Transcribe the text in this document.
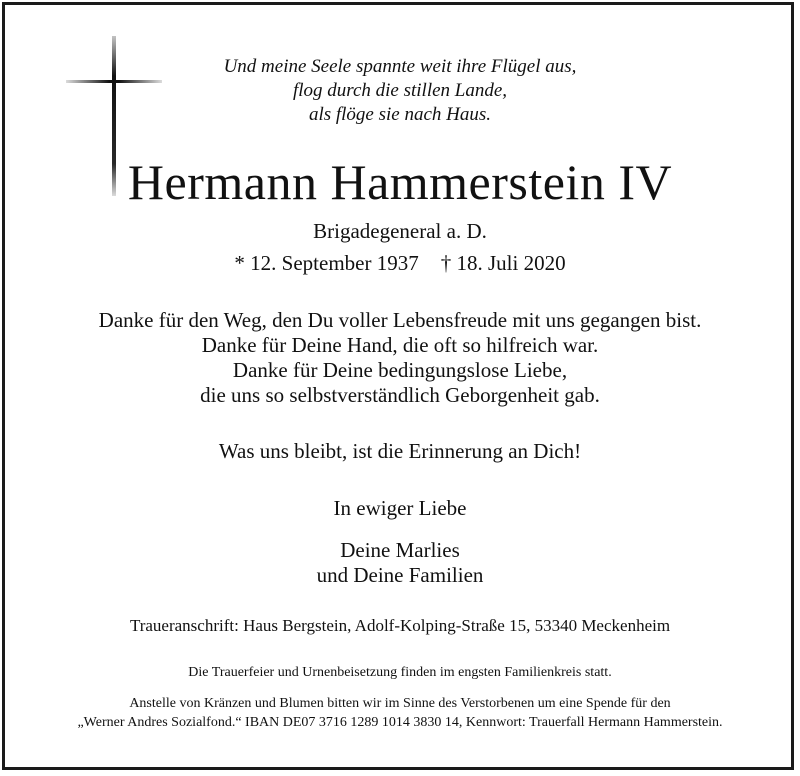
Und meine Seele spannte weit ihre Flügel aus,
flog durch die stillen Lande,
als flöge sie nach Haus.
Hermann Hammerstein IV
Brigadegeneral a. D.
* 12. September 1937 † 18. Juli 2020
Danke für den Weg, den Du voller Lebensfreude mit uns gegangen bist.
Danke für Deine Hand, die oft so hilfreich war.
Danke für Deine bedingungslose Liebe,
die uns so selbstverständlich Geborgenheit gab.
Was uns bleibt, ist die Erinnerung an Dich!
In ewiger Liebe
Deine Marlies
und Deine Familien
Traueranschrift: Haus Bergstein, Adolf-Kolping-Straße 15, 53340 Meckenheim
Die Trauerfeier und Urnenbeisetzung finden im engsten Familienkreis statt.
Anstelle von Kränzen und Blumen bitten wir im Sinne des Verstorbenen um eine Spende für den
„Werner Andres Sozialfond.“ IBAN DE07 3716 1289 1014 3830 14, Kennwort: Trauerfall Hermann Hammerstein.
